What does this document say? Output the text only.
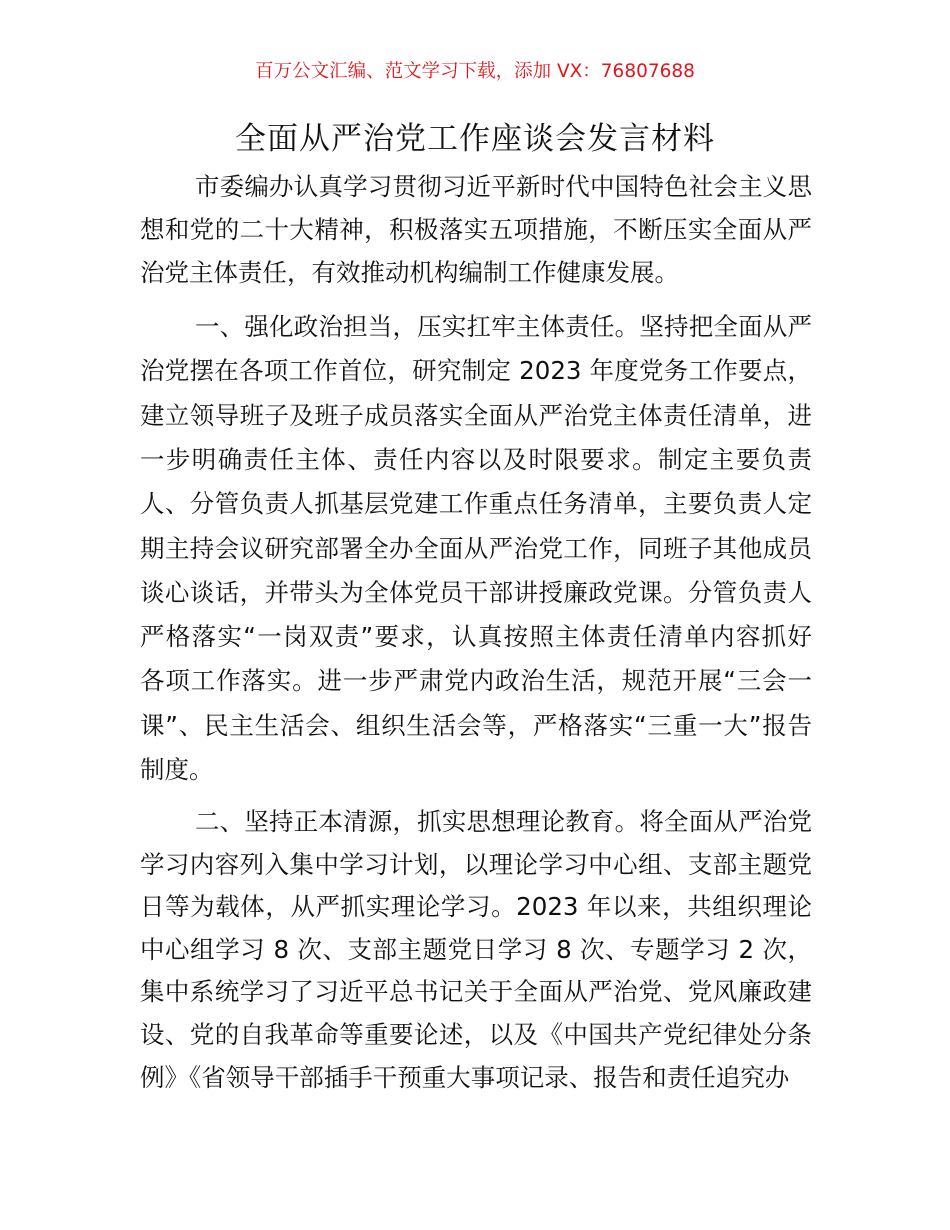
百万公文汇编、范文学习下载，添加 VX：76807688
全面从严治党工作座谈会发言材料
市委编办认真学习贯彻习近平新时代中国特色社会主义思
想和党的二十大精神，积极落实五项措施，不断压实全面从严
治党主体责任，有效推动机构编制工作健康发展。
一、强化政治担当，压实扛牢主体责任。坚持把全面从严
治党摆在各项工作首位，研究制定 2023 年度党务工作要点，
建立领导班子及班子成员落实全面从严治党主体责任清单，进
一步明确责任主体、责任内容以及时限要求。制定主要负责
人、分管负责人抓基层党建工作重点任务清单，主要负责人定
期主持会议研究部署全办全面从严治党工作，同班子其他成员
谈心谈话，并带头为全体党员干部讲授廉政党课。分管负责人
严格落实“一岗双责”要求，认真按照主体责任清单内容抓好
各项工作落实。进一步严肃党内政治生活，规范开展“三会一
课”、民主生活会、组织生活会等，严格落实“三重一大”报告
制度。
二、坚持正本清源，抓实思想理论教育。将全面从严治党
学习内容列入集中学习计划，以理论学习中心组、支部主题党
日等为载体，从严抓实理论学习。2023 年以来，共组织理论
中心组学习 8 次、支部主题党日学习 8 次、专题学习 2 次，
集中系统学习了习近平总书记关于全面从严治党、党风廉政建
设、党的自我革命等重要论述，以及《中国共产党纪律处分条
例》《省领导干部插手干预重大事项记录、报告和责任追究办
